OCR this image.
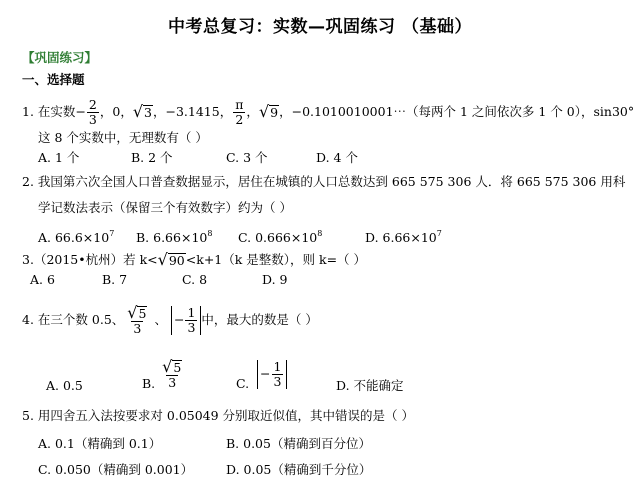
中考总复习：实数—巩固练习 （基础）
【巩固练习】
一、选择题
1.
在实数 − $\frac{2}{3}$ ，0， √ 3 ，−3.1415， $\frac{\pi}{2}$ ， √ 9 ，−0.1010010001⋯（每两个 1 之间依次多 1 个 0），sin30°
这 8 个实数中，无理数有（ ）
A. 1 个	B. 2 个	C. 3 个	D. 4 个
2. 我国第六次全国人口普查数据显示，居住在城镇的人口总数达到 665 575 306 人．将 665 575 306 用科
学记数法表示（保留三个有效数字）约为（ ）
A. $66.6\times 10^7$ B. $6.66\times 10^8$ C. $0.666\times 10^8$	D. $6.66\times 10^7$
3. （2015•杭州）若 k< √ 90 <k+1（k 是整数），则 k=（ ）
A. 6	B. 7	C. 8	D. 9
4.
在三个数 0.5、 $\frac{√ 5}{3}$ 、 − $\frac{1}{3}$ 中，最大的数是（ ）
A. 0.5	B.
$\frac{√ 5}{3}$	C.

− $\frac{1}{3}$	D. 不能确定
5. 用四舍五入法按要求对 0.05049 分别取近似值，其中错误的是（ ）
A. 0.1（精确到 0.1）	B. 0.05（精确到百分位）
C. 0.050（精确到 0.001）	D. 0.05（精确到千分位）
